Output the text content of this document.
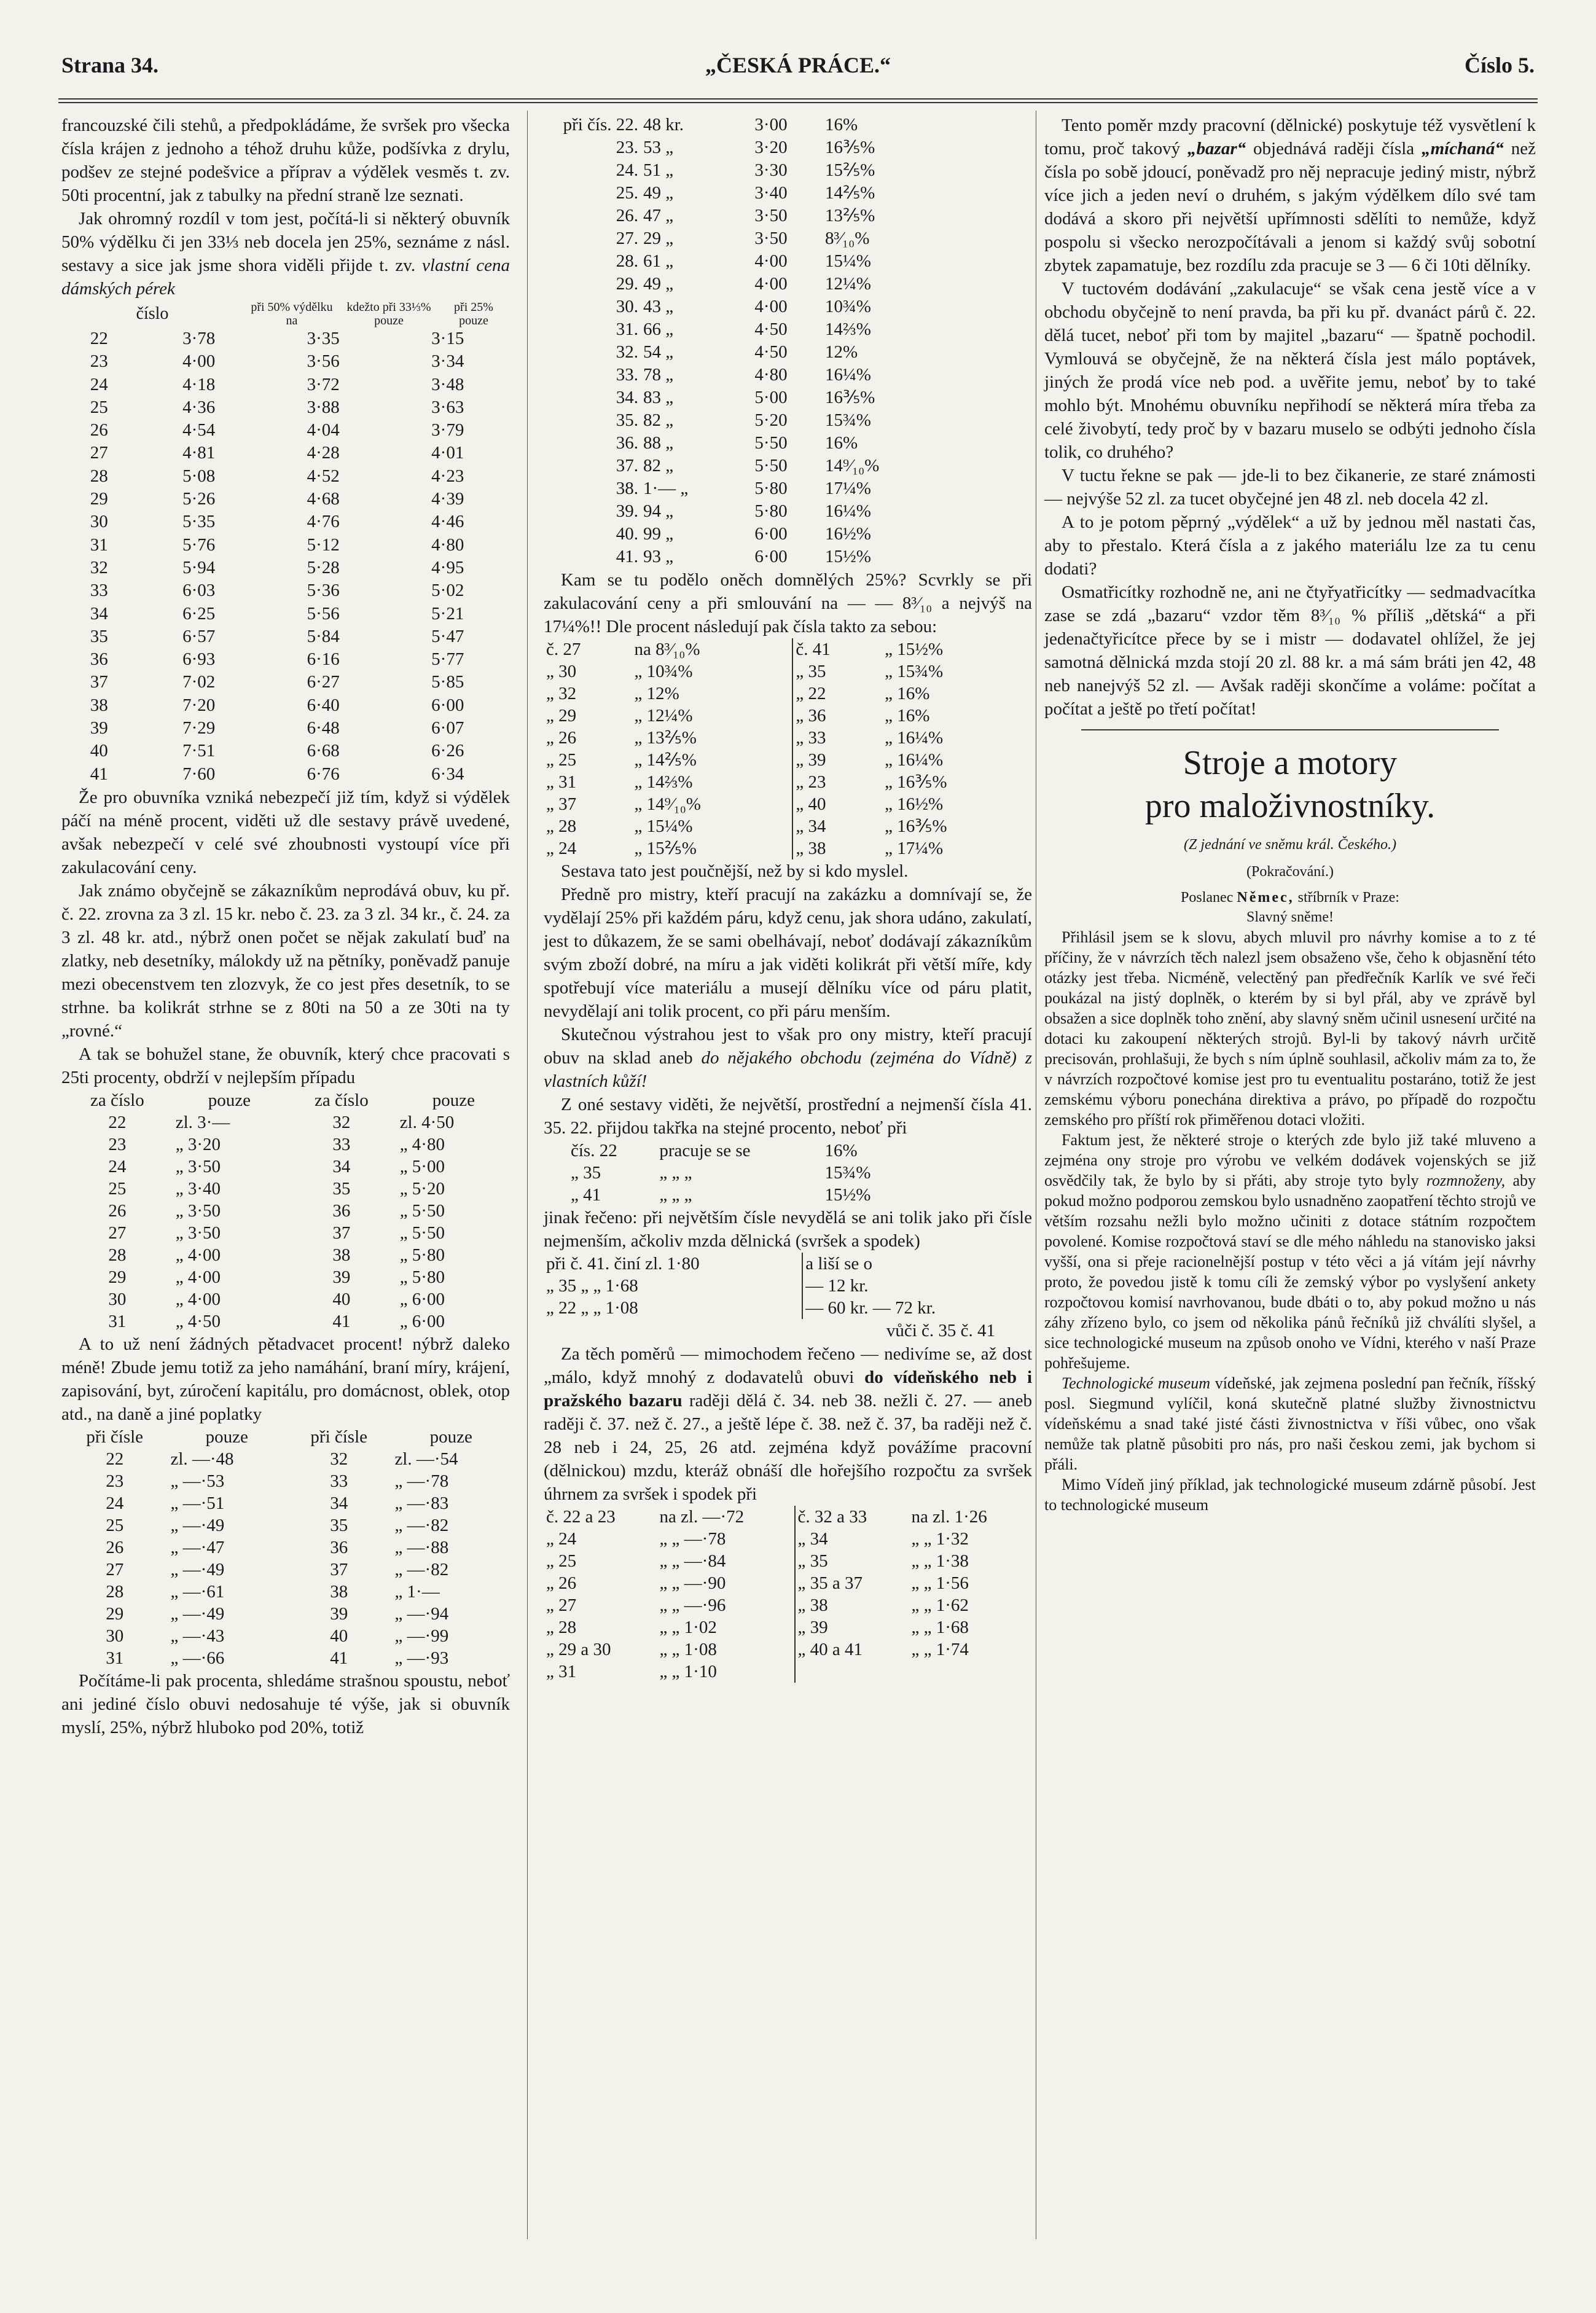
Strana 34.	„ČESKÁ PRÁCE.“	Číslo 5.

francouzské čili stehů, a předpokládáme, že svršek pro všecka čísla krájen z jednoho a téhož druhu kůže, podšívka z drylu, podšev ze stejné podešvice a příprav a výdělek vesměs t. zv. 50ti procentní, jak z tabulky na přední straně lze seznati.

Jak ohromný rozdíl v tom jest, počítá-li si některý obuvník 50% výdělku či jen 33⅓ neb docela jen 25%, seznáme z násl. sestavy a sice jak jsme shora viděli přijde t. zv. vlastní cena dámských pérek

číslo	při 50% výdělku na	kdežto při 33⅓% pouze	při 25% pouze
22	3·78	3·35	3·15
23	4·00	3·56	3·34
24	4·18	3·72	3·48
25	4·36	3·88	3·63
26	4·54	4·04	3·79
27	4·81	4·28	4·01
28	5·08	4·52	4·23
29	5·26	4·68	4·39
30	5·35	4·76	4·46
31	5·76	5·12	4·80
32	5·94	5·28	4·95
33	6·03	5·36	5·02
34	6·25	5·56	5·21
35	6·57	5·84	5·47
36	6·93	6·16	5·77
37	7·02	6·27	5·85
38	7·20	6·40	6·00
39	7·29	6·48	6·07
40	7·51	6·68	6·26
41	7·60	6·76	6·34

Že pro obuvníka vzniká nebezpečí již tím, když si výdělek páčí na méně procent, viděti už dle sestavy právě uvedené, avšak nebezpečí v celé své zhoubnosti vystoupí více při zakulacování ceny.

Jak známo obyčejně se zákazníkům neprodává obuv, ku př. č. 22. zrovna za 3 zl. 15 kr. nebo č. 23. za 3 zl. 34 kr., č. 24. za 3 zl. 48 kr. atd., nýbrž onen počet se nějak zakulatí buď na zlatky, neb desetníky, málokdy už na pětníky, poněvadž panuje mezi obecenstvem ten zlozvyk, že co jest přes desetník, to se strhne. ba kolikrát strhne se z 80ti na 50 a ze 30ti na ty „rovné.“

A tak se bohužel stane, že obuvník, který chce pracovati s 25ti procenty, obdrží v nejlepším případu

za číslo	pouze	za číslo	pouze
22	zl. 3·—	32	zl. 4·50
23	„ 3·20	33	„ 4·80
24	„ 3·50	34	„ 5·00
25	„ 3·40	35	„ 5·20
26	„ 3·50	36	„ 5·50
27	„ 3·50	37	„ 5·50
28	„ 4·00	38	„ 5·80
29	„ 4·00	39	„ 5·80
30	„ 4·00	40	„ 6·00
31	„ 4·50	41	„ 6·00

A to už není žádných pětadvacet procent! nýbrž daleko méně! Zbude jemu totiž za jeho namáhání, braní míry, krájení, zapisování, byt, zúročení kapitálu, pro domácnost, oblek, otop atd., na daně a jiné poplatky

při čísle	pouze	při čísle	pouze
22	zl. —·48	32	zl. —·54
23	„ —·53	33	„ —·78
24	„ —·51	34	„ —·83
25	„ —·49	35	„ —·82
26	„ —·47	36	„ —·88
27	„ —·49	37	„ —·82
28	„ —·61	38	„ 1·—
29	„ —·49	39	„ —·94
30	„ —·43	40	„ —·99
31	„ —·66	41	„ —·93

Počítáme-li pak procenta, shledáme strašnou spoustu, neboť ani jediné číslo obuvi nedosahuje té výše, jak si obuvník myslí, 25%, nýbrž hluboko pod 20%, totiž

při čís. 22.	48 kr.	3·00	16%
23.	53 „	3·20	16⅗%
24.	51 „	3·30	15⅖%
25.	49 „	3·40	14⅖%
26.	47 „	3·50	13⅖%
27.	29 „	3·50	8³⁄₁₀%
28.	61 „	4·00	15¼%
29.	49 „	4·00	12¼%
30.	43 „	4·00	10¾%
31.	66 „	4·50	14⅔%
32.	54 „	4·50	12%
33.	78 „	4·80	16¼%
34.	83 „	5·00	16⅗%
35.	82 „	5·20	15¾%
36.	88 „	5·50	16%
37.	82 „	5·50	14⁹⁄₁₀%
38.	1·— „	5·80	17¼%
39.	94 „	5·80	16¼%
40.	99 „	6·00	16½%
41.	93 „	6·00	15½%

Kam se tu podělo oněch domnělých 25%? Scvrkly se při zakulacování ceny a při smlouvání na — — 8³⁄₁₀ a nejvýš na 17¼%!! Dle procent následují pak čísla takto za sebou:

č. 27	na 8³⁄₁₀%	č. 41	„ 15½%
„ 30	„ 10¾%	„ 35	„ 15¾%
„ 32	„ 12%	„ 22	„ 16%
„ 29	„ 12¼%	„ 36	„ 16%
„ 26	„ 13⅖%	„ 33	„ 16¼%
„ 25	„ 14⅖%	„ 39	„ 16¼%
„ 31	„ 14⅔%	„ 23	„ 16⅗%
„ 37	„ 14⁹⁄₁₀%	„ 40	„ 16½%
„ 28	„ 15¼%	„ 34	„ 16⅗%
„ 24	„ 15⅖%	„ 38	„ 17¼%

Sestava tato jest poučnější, než by si kdo myslel.

Předně pro mistry, kteří pracují na zakázku a domnívají se, že vydělají 25% při každém páru, když cenu, jak shora udáno, zakulatí, jest to důkazem, že se sami obelhávají, neboť dodávají zákazníkům svým zboží dobré, na míru a jak viděti kolikrát při větší míře, kdy spotřebují více materiálu a musejí dělníku více od páru platit, nevydělají ani tolik procent, co při páru menším.

Skutečnou výstrahou jest to však pro ony mistry, kteří pracují obuv na sklad aneb do nějakého obchodu (zejména do Vídně) z vlastních kůží!

Z oné sestavy viděti, že největší, prostřední a nejmenší čísla 41. 35. 22. přijdou takřka na stejné procento, neboť při

čís. 22	pracuje se se	16%
„ 35	„ „ „	15¾%
„ 41	„ „ „	15½%

jinak řečeno: při největším čísle nevydělá se ani tolik jako při čísle nejmenším, ačkoliv mzda dělnická (svršek a spodek)

při č. 41. činí zl. 1·80	a liší se o	
„ 35 „ „ 1·68	— 12 kr.	
„ 22 „ „ 1·08	— 60 kr. — 72 kr.	

vůči č. 35 č. 41

Za těch poměrů — mimochodem řečeno — nedivíme se, až dost „málo, když mnohý z dodavatelů obuvi do vídeňského neb i pražského bazaru raději dělá č. 34. neb 38. nežli č. 27. — aneb raději č. 37. než č. 27., a ještě lépe č. 38. než č. 37, ba raději než č. 28 neb i 24, 25, 26 atd. zejména když povážíme pracovní (dělnickou) mzdu, kteráž obnáší dle hořejšího rozpočtu za svršek úhrnem za svršek i spodek při

č. 22 a 23	na zl. —·72	č. 32 a 33	na zl. 1·26
„ 24	„ „ —·78	„ 34	„ „ 1·32
„ 25	„ „ —·84	„ 35	„ „ 1·38
„ 26	„ „ —·90	„ 35 a 37	„ „ 1·56
„ 27	„ „ —·96	„ 38	„ „ 1·62
„ 28	„ „ 1·02	„ 39	„ „ 1·68
„ 29 a 30	„ „ 1·08	„ 40 a 41	„ „ 1·74
„ 31	„ „ 1·10		

Tento poměr mzdy pracovní (dělnické) poskytuje též vysvětlení k tomu, proč takový „bazar“ objednává raději čísla „míchaná“ než čísla po sobě jdoucí, poněvadž pro něj nepracuje jediný mistr, nýbrž více jich a jeden neví o druhém, s jakým výdělkem dílo své tam dodává a skoro při největší upřímnosti sdělíti to nemůže, když pospolu si všecko nerozpočítávali a jenom si každý svůj sobotní zbytek zapamatuje, bez rozdílu zda pracuje se 3 — 6 či 10ti dělníky.

V tuctovém dodávání „zakulacuje“ se však cena jestě více a v obchodu obyčejně to není pravda, ba při ku př. dvanáct párů č. 22. dělá tucet, neboť při tom by majitel „bazaru“ — špatně pochodil. Vymlouvá se obyčejně, že na některá čísla jest málo poptávek, jiných že prodá více neb pod. a uvěřite jemu, neboť by to také mohlo být. Mnohému obuvníku nepřihodí se některá míra třeba za celé živobytí, tedy proč by v bazaru muselo se odbýti jednoho čísla tolik, co druhého?

V tuctu řekne se pak — jde-li to bez čikanerie, ze staré známosti — nejvýše 52 zl. za tucet obyčejné jen 48 zl. neb docela 42 zl.

A to je potom pěprný „výdělek“ a už by jednou měl nastati čas, aby to přestalo. Která čísla a z jakého materiálu lze za tu cenu dodati?

Osmatřicítky rozhodně ne, ani ne čtyřyatřicítky — sedmadvacítka zase se zdá „bazaru“ vzdor těm 8³⁄₁₀ % příliš „dětská“ a při jedenačtyřicítce přece by se i mistr — dodavatel ohlížel, že jej samotná dělnická mzda stojí 20 zl. 88 kr. a má sám bráti jen 42, 48 neb nanejvýš 52 zl. — Avšak raději skončíme a voláme: počítat a počítat a ještě po třetí počítat!

Stroje a motory
pro maloživnostníky.

(Z jednání ve sněmu král. Českého.)

(Pokračování.)

Poslanec Němec, stříbrník v Praze:

Slavný sněme!

Přihlásil jsem se k slovu, abych mluvil pro návrhy komise a to z té příčiny, že v návrzích těch nalezl jsem obsaženo vše, čeho k objasnění této otázky jest třeba. Nicméně, velectěný pan předřečník Karlík ve své řeči poukázal na jistý doplněk, o kterém by si byl přál, aby ve zprávě byl obsažen a sice doplněk toho znění, aby slavný sněm učinil usnesení určité na dotaci ku zakoupení některých strojů. Byl-li by takový návrh určitě precisován, prohlašuji, že bych s ním úplně souhlasil, ačkoliv mám za to, že v návrzích rozpočtové komise jest pro tu eventualitu postaráno, totiž že jest zemskému výboru ponechána direktiva a právo, po případě do rozpočtu zemského pro příští rok přiměřenou dotaci vložiti.

Faktum jest, že některé stroje o kterých zde bylo již také mluveno a zejména ony stroje pro výrobu ve velkém dodávek vojenských se již osvědčily tak, že bylo by si přáti, aby stroje tyto byly rozmnoženy, aby pokud možno podporou zemskou bylo usnadněno zaopatření těchto strojů ve větším rozsahu nežli bylo možno učiniti z dotace státním rozpočtem povolené. Komise rozpočtová staví se dle mého náhledu na stanovisko jaksi vyšší, ona si přeje racionelnější postup v této věci a já vítám její návrhy proto, že povedou jistě k tomu cíli že zemský výbor po vyslyšení ankety rozpočtovou komisí navrhovanou, bude dbáti o to, aby pokud možno u nás záhy zřízeno bylo, co jsem od několika pánů řečníků již chválíti slyšel, a sice technologické museum na způsob onoho ve Vídni, kterého v naší Praze pohřešujeme.

Technologické museum vídeňské, jak zejmena poslední pan řečník, říšský posl. Siegmund vylíčil, koná skutečně platné služby živnostnictvu vídeňskému a snad také jisté části živnostnictva v říši vůbec, ono však nemůže tak platně působiti pro nás, pro naši českou zemi, jak bychom si přáli.

Mimo Vídeň jiný příklad, jak technologické museum zdárně působí. Jest to technologické museum
